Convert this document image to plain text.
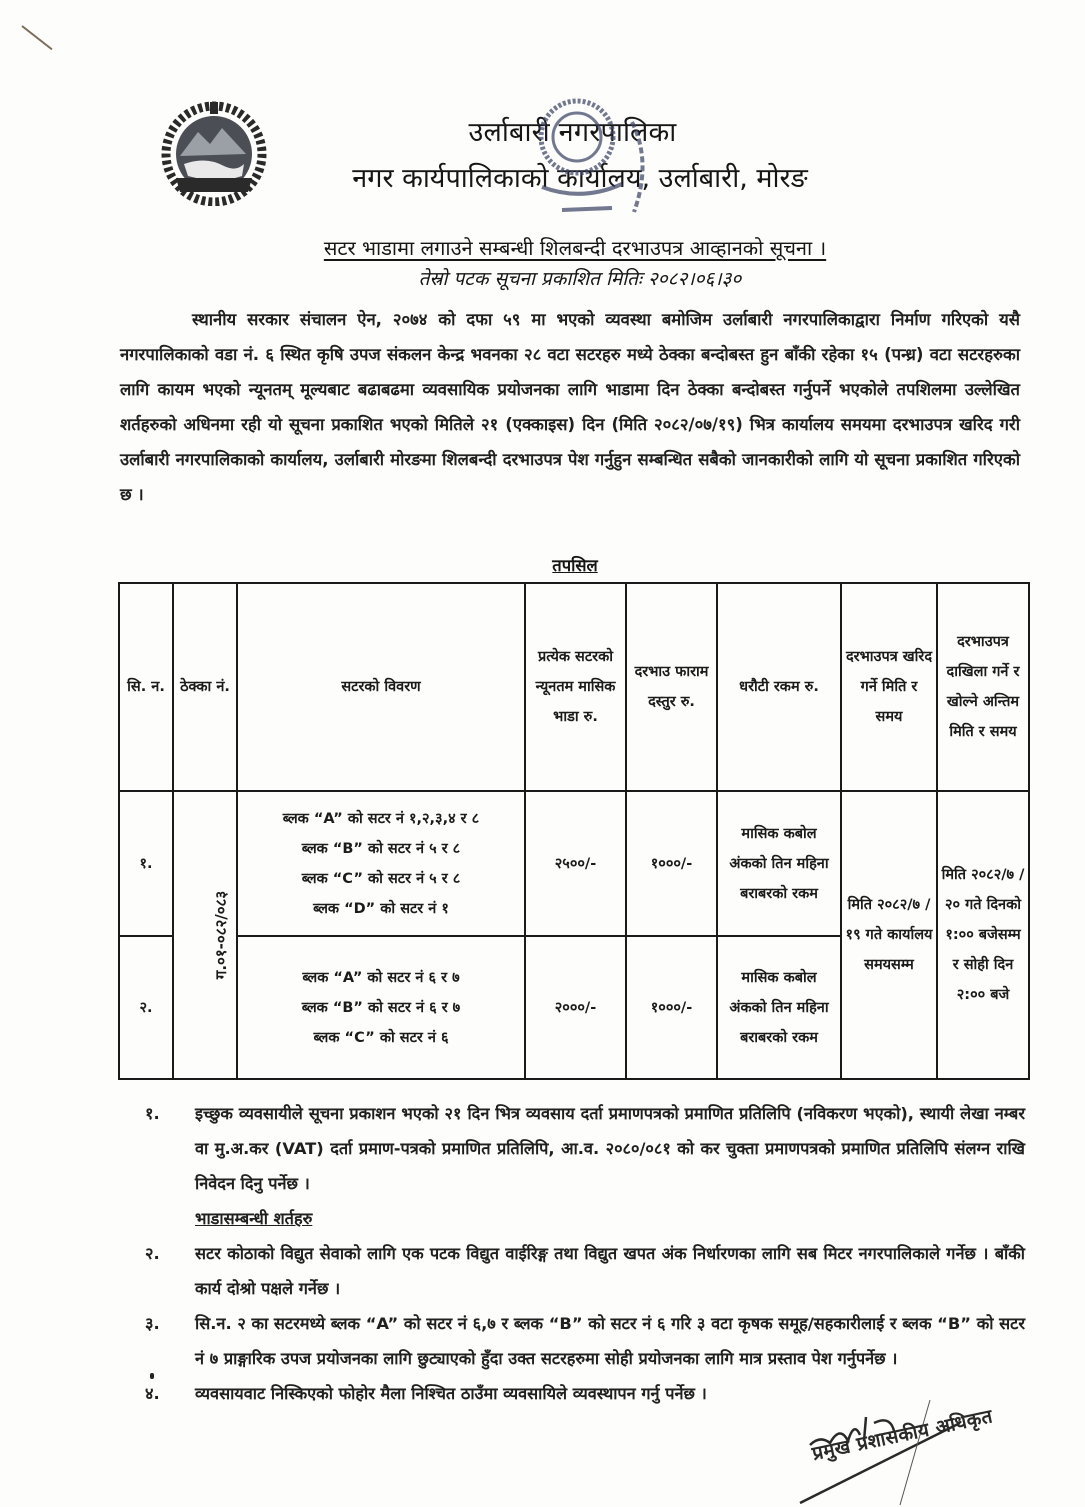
उर्लाबारी नगरपालिका
नगर कार्यपालिकाको कार्यालय, उर्लाबारी, मोरङ
सटर भाडामा लगाउने सम्बन्धी शिलबन्दी दरभाउपत्र आव्हानको सूचना ।
तेस्रो पटक सूचना प्रकाशित मितिः २०८२।०६।३०
स्थानीय सरकार संचालन ऐन, २०७४ को दफा ५९ मा भएको व्यवस्था बमोजिम उर्लाबारी नगरपालिकाद्वारा निर्माण गरिएको यसै नगरपालिकाको वडा नं. ६ स्थित कृषि उपज संकलन केन्द्र भवनका २८ वटा सटरहरु मध्ये ठेक्का बन्दोबस्त हुन बाँकी रहेका १५ (पन्ध्र) वटा सटरहरुका लागि कायम भएको न्यूनतम् मूल्यबाट बढाबढमा व्यवसायिक प्रयोजनका लागि भाडामा दिन ठेक्का बन्दोबस्त गर्नुपर्ने भएकोले तपशिलमा उल्लेखित शर्तहरुको अधिनमा रही यो सूचना प्रकाशित भएको मितिले २१ (एक्काइस) दिन (मिति २०८२/०७/१९) भित्र कार्यालय समयमा दरभाउपत्र खरिद गरी उर्लाबारी नगरपालिकाको कार्यालय, उर्लाबारी मोरङमा शिलबन्दी दरभाउपत्र पेश गर्नुहुन सम्बन्धित सबैको जानकारीको लागि यो सूचना प्रकाशित गरिएको छ ।
तपसिल
सि. न.	ठेक्का नं.	सटरको विवरण	प्रत्येक सटरको न्यूनतम मासिक भाडा रु.	दरभाउ फाराम दस्तुर रु.	धरौटी रकम रु.	दरभाउपत्र खरिद गर्ने मिति र समय	दरभाउपत्र दाखिला गर्ने र खोल्ने अन्तिम मिति र समय
१.	ग.०१-०८२/०८३	ब्लक “A” को सटर नं १,२,३,४ र ८
ब्लक “B” को सटर नं ५ र ८
ब्लक “C” को सटर नं ५ र ८
ब्लक “D” को सटर नं १	२५००/-	१०००/-	मासिक कबोल अंकको तिन महिना बराबरको रकम	मिति २०८२/७ /१९ गते कार्यालय समयसम्म	मिति २०८२/७ /२० गते दिनको १:०० बजेसम्म र सोही दिन २:०० बजे
२.		ब्लक “A” को सटर नं ६ र ७
ब्लक “B” को सटर नं ६ र ७
ब्लक “C” को सटर नं ६	२०००/-	१०००/-	मासिक कबोल अंकको तिन महिना बराबरको रकम		
१.	इच्छुक व्यवसायीले सूचना प्रकाशन भएको २१ दिन भित्र व्यवसाय दर्ता प्रमाणपत्रको प्रमाणित प्रतिलिपि (नविकरण भएको), स्थायी लेखा नम्बर वा मु.अ.कर (VAT) दर्ता प्रमाण-पत्रको प्रमाणित प्रतिलिपि, आ.व. २०८०/०८१ को कर चुक्ता प्रमाणपत्रको प्रमाणित प्रतिलिपि संलग्न राखि निवेदन दिनु पर्नेछ ।
भाडासम्बन्धी शर्तहरु
२.	सटर कोठाको विद्युत सेवाको लागि एक पटक विद्युत वाईरिङ्ग तथा विद्युत खपत अंक निर्धारणका लागि सब मिटर नगरपालिकाले गर्नेछ । बाँकी कार्य दोश्रो पक्षले गर्नेछ ।
३.	सि.न. २ का सटरमध्ये ब्लक “A” को सटर नं ६,७ र ब्लक “B” को सटर नं ६ गरि ३ वटा कृषक समूह/सहकारीलाई र ब्लक “B” को सटर नं ७ प्राङ्गारिक उपज प्रयोजनका लागि छुट्याएको हुँदा उक्त सटरहरुमा सोही प्रयोजनका लागि मात्र प्रस्ताव पेश गर्नुपर्नेछ ।
४.	व्यवसायवाट निस्किएको फोहोर मैला निश्चित ठाउँमा व्यवसायिले व्यवस्थापन गर्नु पर्नेछ ।
प्रमुख प्रशासकीय अधिकृत
